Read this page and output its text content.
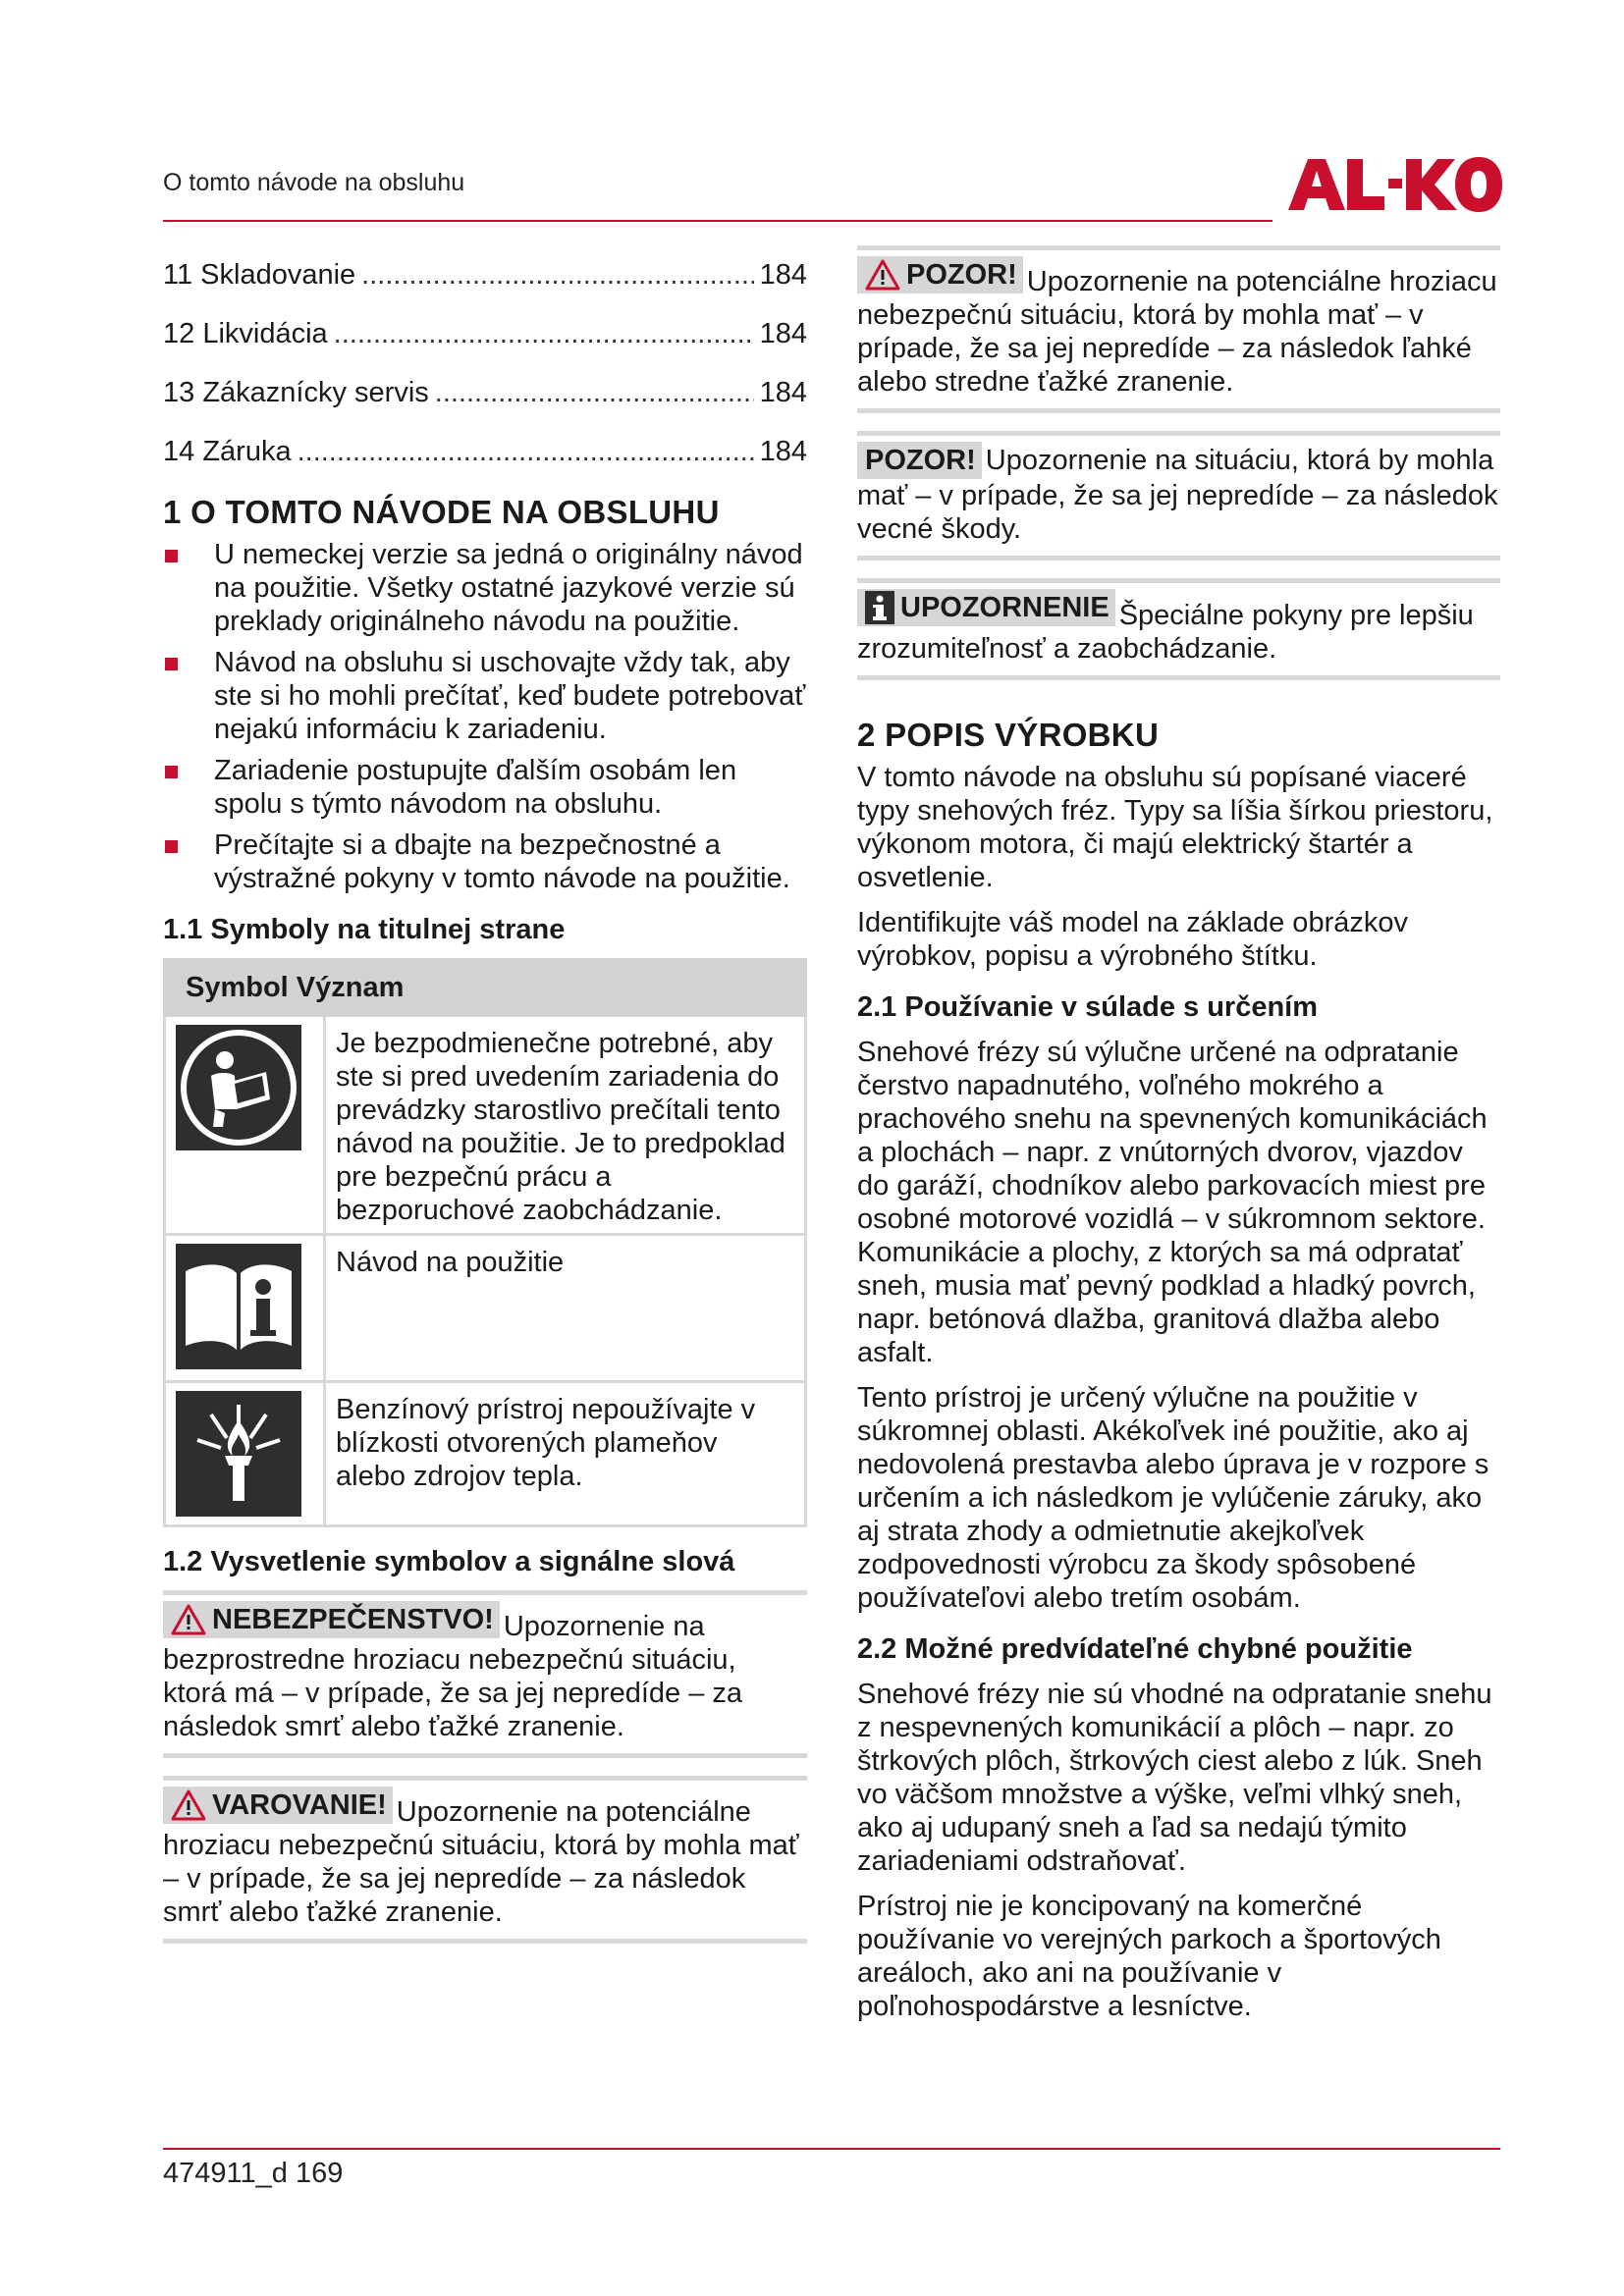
O tomto návode na obsluhu
11 Skladovanie .....	184
12 Likvidácia .....	184
13 Zákaznícky servis .....	184
14 Záruka .....	184
1 O TOMTO NÁVODE NA OBSLUHU
U nemeckej verzie sa jedná o originálny návod na použitie. Všetky ostatné jazykové verzie sú preklady originálneho návodu na použitie.
Návod na obsluhu si uschovajte vždy tak, aby ste si ho mohli prečítať, keď budete potrebovať nejakú informáciu k zariadeniu.
Zariadenie postupujte ďalším osobám len spolu s týmto návodom na obsluhu.
Prečítajte si a dbajte na bezpečnostné a výstražné pokyny v tomto návode na použitie.
1.1 Symboly na titulnej strane
Symbol Význam	

	Je bezpodmienečne potrebné, aby ste si pred uvedením zariadenia do prevádzky starostlivo prečítali tento návod na použitie. Je to predpoklad pre bezpečnú prácu a bezporuchové zaobchádzanie.

	Návod na použitie

	Benzínový prístroj nepoužívajte v blízkosti otvorených plameňov alebo zdrojov tepla.
1.2 Vysvetlenie symbolov a signálne slová
NEBEZPEČENSTVO! Upozornenie na bezprostredne hroziacu nebezpečnú situáciu, ktorá má – v prípade, že sa jej nepredíde – za následok smrť alebo ťažké zranenie.
VAROVANIE! Upozornenie na potenciálne hroziacu nebezpečnú situáciu, ktorá by mohla mať – v prípade, že sa jej nepredíde – za následok smrť alebo ťažké zranenie.
POZOR! Upozornenie na potenciálne hroziacu nebezpečnú situáciu, ktorá by mohla mať – v prípade, že sa jej nepredíde – za následok ľahké alebo stredne ťažké zranenie.
POZOR! Upozornenie na situáciu, ktorá by mohla mať – v prípade, že sa jej nepredíde – za následok vecné škody.
UPOZORNENIE Špeciálne pokyny pre lepšiu zrozumiteľnosť a zaobchádzanie.
2 POPIS VÝROBKU

V tomto návode na obsluhu sú popísané viaceré typy snehových fréz. Typy sa líšia šírkou priestoru, výkonom motora, či majú elektrický štartér a osvetlenie.

Identifikujte váš model na základe obrázkov výrobkov, popisu a výrobného štítku.

2.1 Používanie v súlade s určením

Snehové frézy sú výlučne určené na odpratanie čerstvo napadnutého, voľného mokrého a prachového snehu na spevnených komunikáciách a plochách – napr. z vnútorných dvorov, vjazdov do garáží, chodníkov alebo parkovacích miest pre osobné motorové vozidlá – v súkromnom sektore. Komunikácie a plochy, z ktorých sa má odpratať sneh, musia mať pevný podklad a hladký povrch, napr. betónová dlažba, granitová dlažba alebo asfalt.

Tento prístroj je určený výlučne na použitie v súkromnej oblasti. Akékoľvek iné použitie, ako aj nedovolená prestavba alebo úprava je v rozpore s určením a ich následkom je vylúčenie záruky, ako aj strata zhody a odmietnutie akejkoľvek zodpovednosti výrobcu za škody spôsobené používateľovi alebo tretím osobám.

2.2 Možné predvídateľné chybné použitie

Snehové frézy nie sú vhodné na odpratanie snehu z nespevnených komunikácií a plôch – napr. zo štrkových plôch, štrkových ciest alebo z lúk. Sneh vo väčšom množstve a výške, veľmi vlhký sneh, ako aj udupaný sneh a ľad sa nedajú týmito zariadeniami odstraňovať.

Prístroj nie je koncipovaný na komerčné používanie vo verejných parkoch a športových areáloch, ako ani na používanie v poľnohospodárstve a lesníctve.

474911_d 169
